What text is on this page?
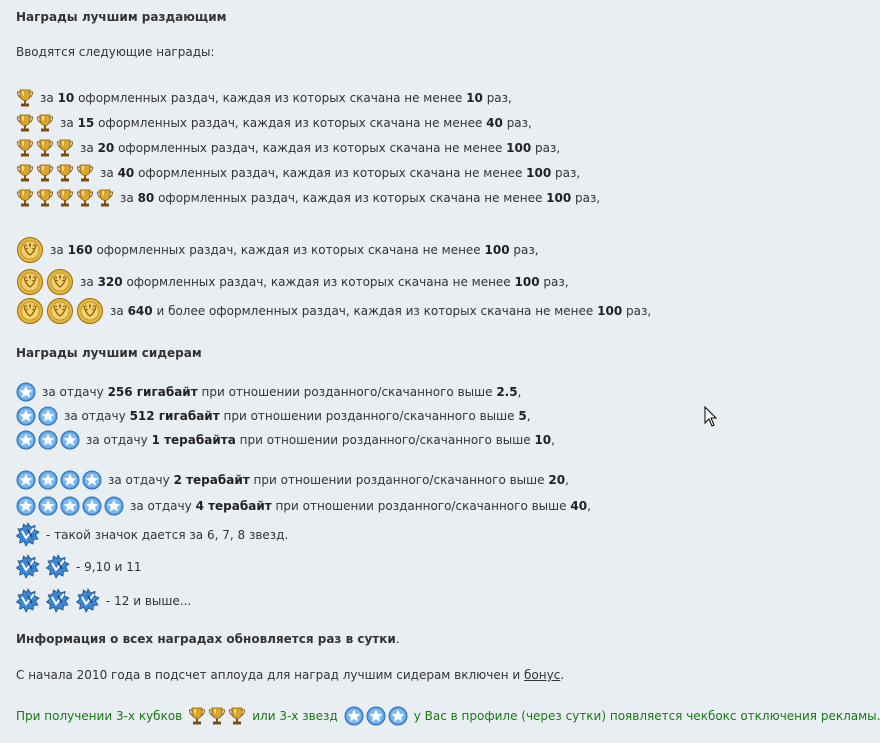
Награды лучшим раздающим
Вводятся следующие награды:
за
10
оформленных раздач, каждая из которых скачана не менее
10
раз,
за
15
оформленных раздач, каждая из которых скачана не менее
40
раз,
за
20
оформленных раздач, каждая из которых скачана не менее
100
раз,
за
40
оформленных раздач, каждая из которых скачана не менее
100
раз,
за
80
оформленных раздач, каждая из которых скачана не менее
100
раз,
за
160
оформленных раздач, каждая из которых скачана не менее
100
раз,
за
320
оформленных раздач, каждая из которых скачана не менее
100
раз,
за
640
и более оформленных раздач, каждая из которых скачана не менее
100
раз,
Награды лучшим сидерам
за отдачу
256 гигабайт
при отношении розданного/скачанного выше
2.5 ,
за отдачу
512 гигабайт
при отношении розданного/скачанного выше
5 ,
за отдачу
1 терабайта
при отношении розданного/скачанного выше
10 ,
за отдачу
2 терабайт
при отношении розданного/скачанного выше
20 ,
за отдачу
4 терабайт
при отношении розданного/скачанного выше
40 ,
- такой значок дается за 6, 7, 8 звезд.
- 9,10 и 11
- 12 и выше...
Информация о всех наградах обновляется раз в сутки .
С начала 2010 года в подсчет аплоуда для наград лучшим сидерам включен и
бонус .
При получении 3-х кубков	или 3-х звезд	у Вас в профиле (через сутки) появляется чекбокс отключения рекламы.
